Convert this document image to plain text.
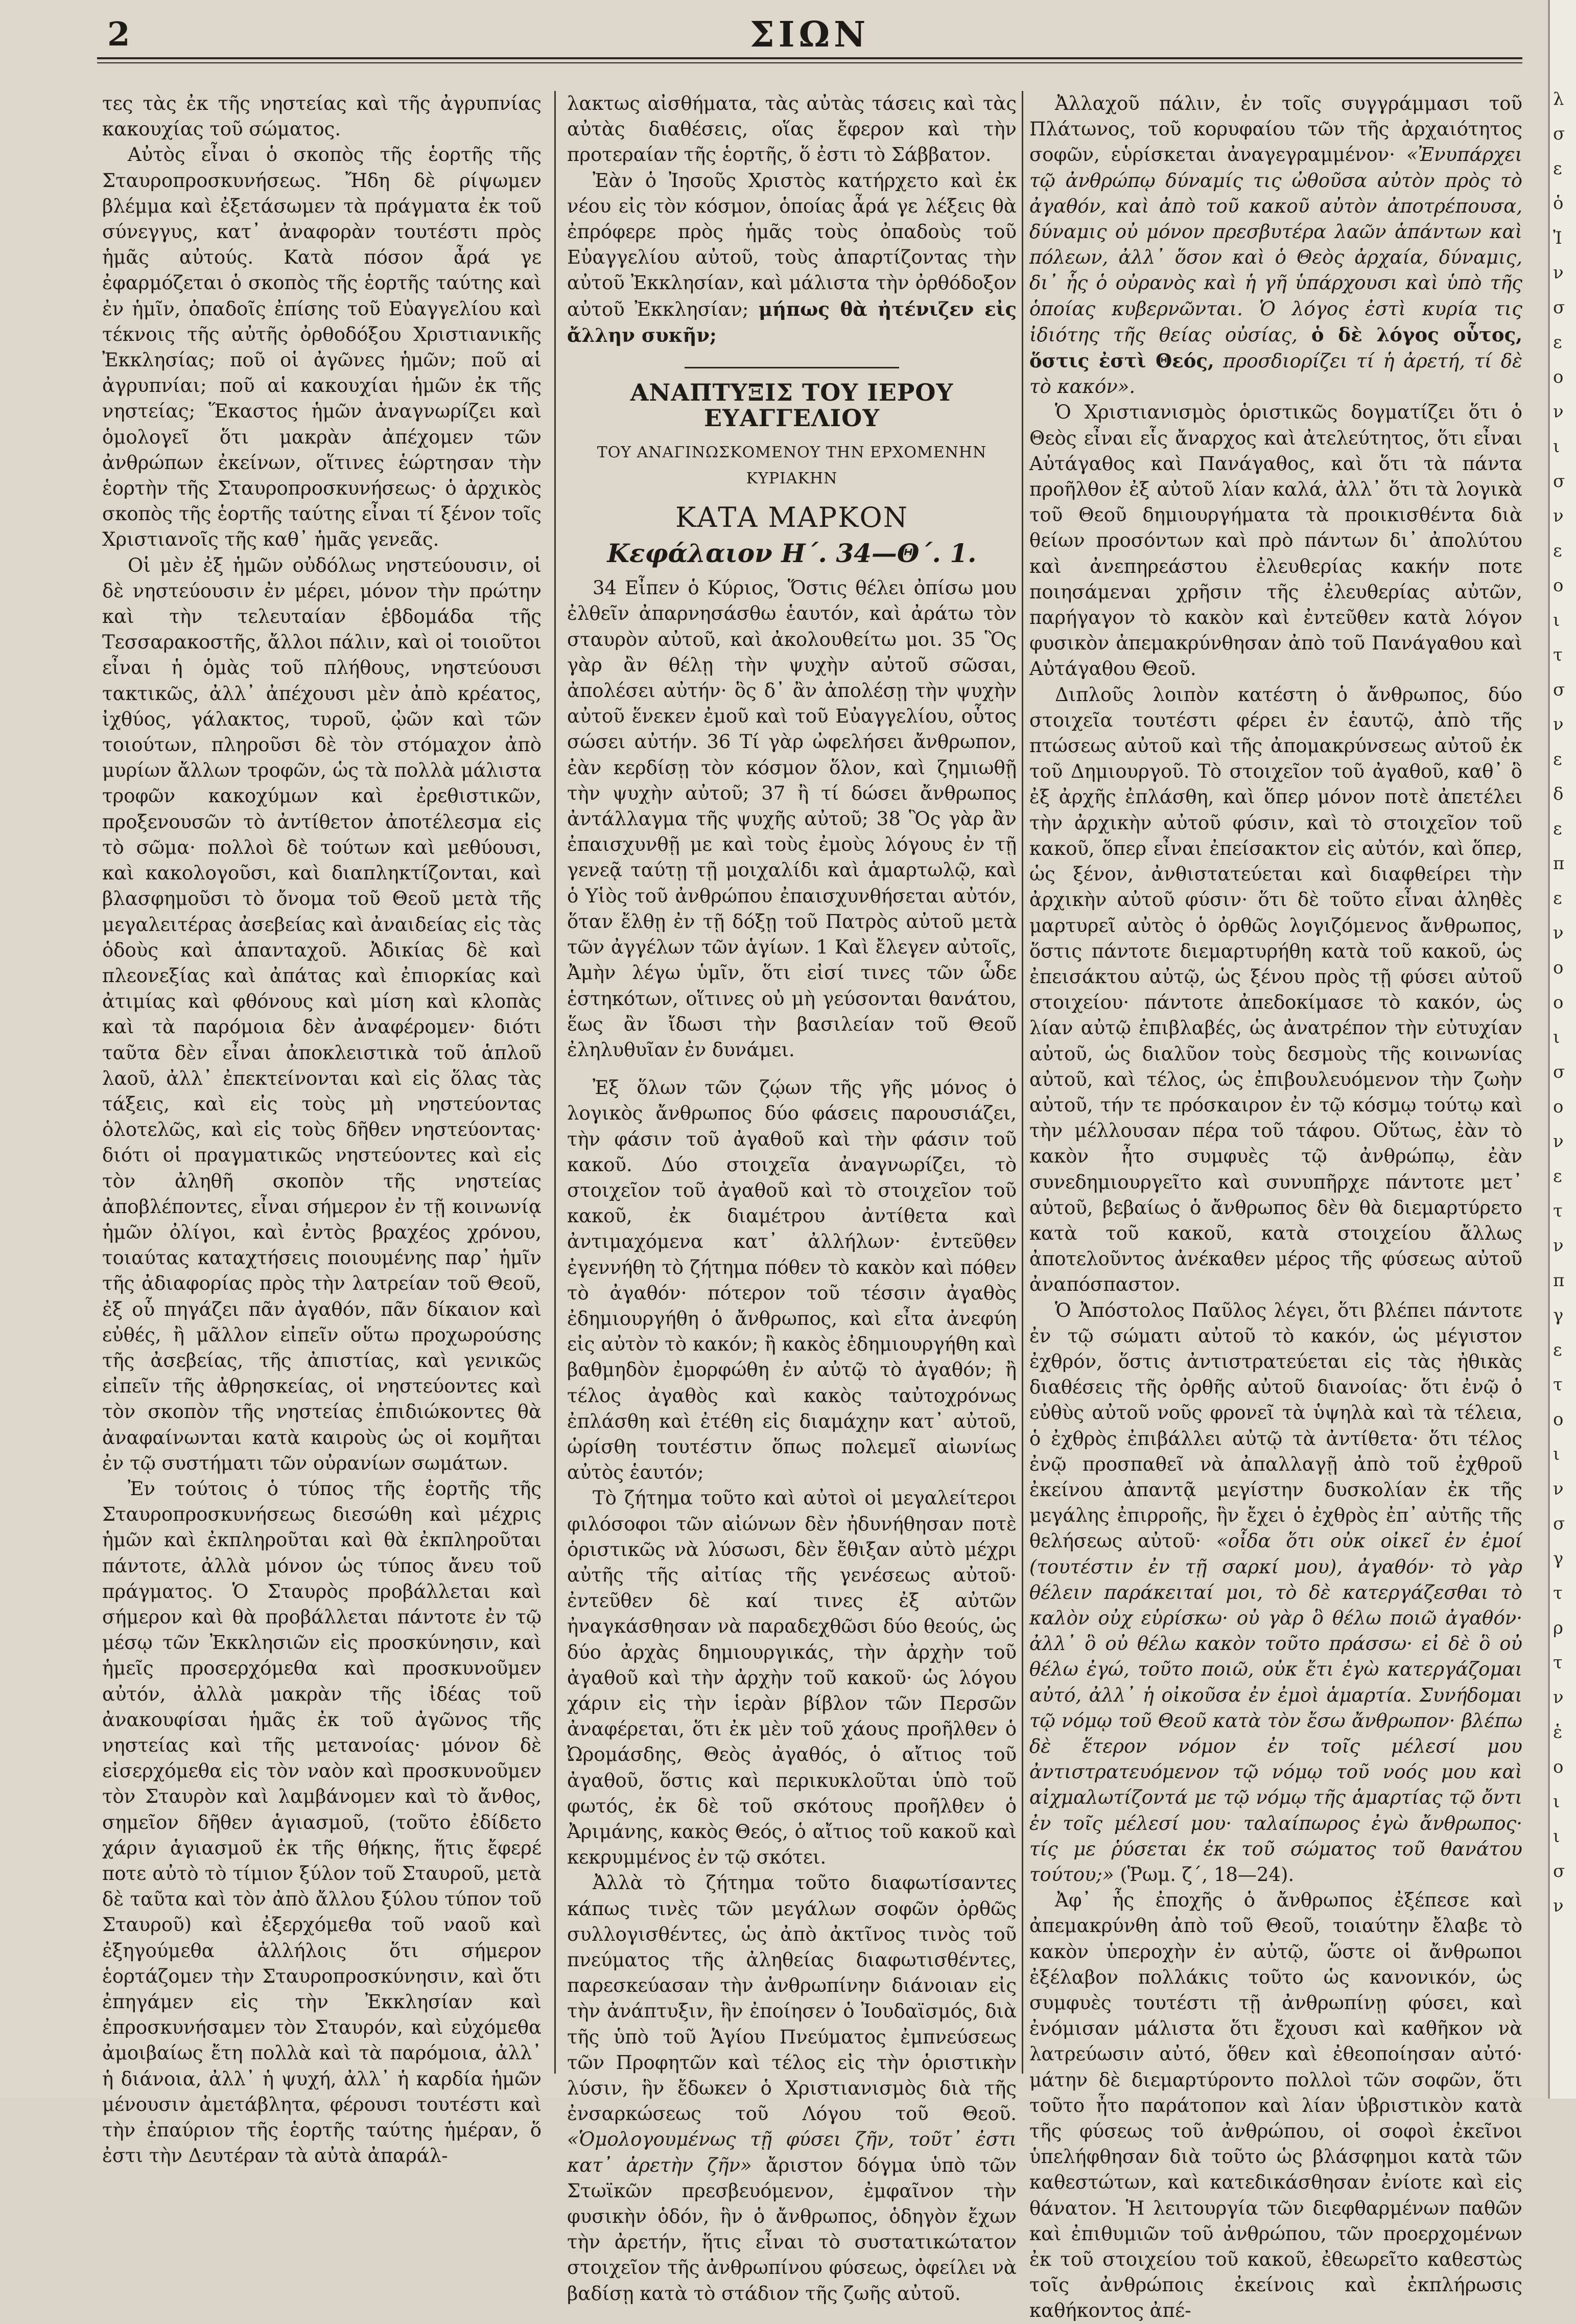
2	ΣΙΩΝ

τες τὰς ἐκ τῆς νηστείας καὶ τῆς ἀγρυπνίας κακουχίας τοῦ σώματος.

Αὐτὸς εἶναι ὁ σκοπὸς τῆς ἑορτῆς τῆς Σταυροπροσκυνήσεως. Ἤδη δὲ ρίψωμεν βλέμμα καὶ ἐξετάσωμεν τὰ πράγματα ἐκ τοῦ σύνεγγυς, κατ᾿ ἀναφορὰν τουτέστι πρὸς ἡμᾶς αὐτούς. Κατὰ πόσον ἆρά γε ἐφαρμόζεται ὁ σκοπὸς τῆς ἑορτῆς ταύτης καὶ ἐν ἡμῖν, ὀπαδοῖς ἐπίσης τοῦ Εὐαγγελίου καὶ τέκνοις τῆς αὐτῆς ὀρθοδόξου Χριστιανικῆς Ἐκκλησίας; ποῦ οἱ ἀγῶνες ἡμῶν; ποῦ αἱ ἀγρυπνίαι; ποῦ αἱ κακουχίαι ἡμῶν ἐκ τῆς νηστείας; Ἕκαστος ἡμῶν ἀναγνωρίζει καὶ ὁμολογεῖ ὅτι μακρὰν ἀπέχομεν τῶν ἀνθρώπων ἐκείνων, οἵτινες ἑώρτησαν τὴν ἑορτὴν τῆς Σταυροπροσκυνήσεως· ὁ ἀρχικὸς σκοπὸς τῆς ἑορτῆς ταύτης εἶναι τί ξένον τοῖς Χριστιανοῖς τῆς καθ᾿ ἡμᾶς γενεᾶς.

Οἱ μὲν ἐξ ἡμῶν οὐδόλως νηστεύουσιν, οἱ δὲ νηστεύουσιν ἐν μέρει, μόνον τὴν πρώτην καὶ τὴν τελευταίαν ἑβδομάδα τῆς Τεσσαρακοστῆς, ἄλλοι πάλιν, καὶ οἱ τοιοῦτοι εἶναι ἡ ὁμὰς τοῦ πλήθους, νηστεύουσι τακτικῶς, ἀλλ᾿ ἀπέχουσι μὲν ἀπὸ κρέατος, ἰχθύος, γάλακτος, τυροῦ, ᾠῶν καὶ τῶν τοιούτων, πληροῦσι δὲ τὸν στόμαχον ἀπὸ μυρίων ἄλλων τροφῶν, ὡς τὰ πολλὰ μάλιστα τροφῶν κακοχύμων καὶ ἐρεθιστικῶν, προξενουσῶν τὸ ἀντίθετον ἀποτέλεσμα εἰς τὸ σῶμα· πολλοὶ δὲ τούτων καὶ μεθύουσι, καὶ κακολογοῦσι, καὶ διαπληκτίζονται, καὶ βλασφημοῦσι τὸ ὄνομα τοῦ Θεοῦ μετὰ τῆς μεγαλειτέρας ἀσεβείας καὶ ἀναιδείας εἰς τὰς ὁδοὺς καὶ ἁπανταχοῦ. Ἀδικίας δὲ καὶ πλεονεξίας καὶ ἀπάτας καὶ ἐπιορκίας καὶ ἀτιμίας καὶ φθόνους καὶ μίση καὶ κλοπὰς καὶ τὰ παρόμοια δὲν ἀναφέρομεν· διότι ταῦτα δὲν εἶναι ἀποκλειστικὰ τοῦ ἁπλοῦ λαοῦ, ἀλλ᾿ ἐπεκτείνονται καὶ εἰς ὅλας τὰς τάξεις, καὶ εἰς τοὺς μὴ νηστεύοντας ὁλοτελῶς, καὶ εἰς τοὺς δῆθεν νηστεύοντας· διότι οἱ πραγματικῶς νηστεύοντες καὶ εἰς τὸν ἀληθῆ σκοπὸν τῆς νηστείας ἀποβλέποντες, εἶναι σήμερον ἐν τῇ κοινωνίᾳ ἡμῶν ὀλίγοι, καὶ ἐντὸς βραχέος χρόνου, τοιαύτας καταχτήσεις ποιουμένης παρ᾿ ἡμῖν τῆς ἀδιαφορίας πρὸς τὴν λατρείαν τοῦ Θεοῦ, ἐξ οὗ πηγάζει πᾶν ἀγαθόν, πᾶν δίκαιον καὶ εὐθές, ἢ μᾶλλον εἰπεῖν οὕτω προχωρούσης τῆς ἀσεβείας, τῆς ἀπιστίας, καὶ γενικῶς εἰπεῖν τῆς ἀθρησκείας, οἱ νηστεύοντες καὶ τὸν σκοπὸν τῆς νηστείας ἐπιδιώκοντες θὰ ἀναφαίνωνται κατὰ καιροὺς ὡς οἱ κομῆται ἐν τῷ συστήματι τῶν οὐρανίων σωμάτων.

Ἐν τούτοις ὁ τύπος τῆς ἑορτῆς τῆς Σταυροπροσκυνήσεως διεσώθη καὶ μέχρις ἡμῶν καὶ ἐκπληροῦται καὶ θὰ ἐκπληροῦται πάντοτε, ἀλλὰ μόνον ὡς τύπος ἄνευ τοῦ πράγματος. Ὁ Σταυρὸς προβάλλεται καὶ σήμερον καὶ θὰ προβάλλεται πάντοτε ἐν τῷ μέσῳ τῶν Ἐκκλησιῶν εἰς προσκύνησιν, καὶ ἡμεῖς προσερχόμεθα καὶ προσκυνοῦμεν αὐτόν, ἀλλὰ μακρὰν τῆς ἰδέας τοῦ ἀνακουφίσαι ἡμᾶς ἐκ τοῦ ἀγῶνος τῆς νηστείας καὶ τῆς μετανοίας· μόνον δὲ εἰσερχόμεθα εἰς τὸν ναὸν καὶ προσκυνοῦμεν τὸν Σταυρὸν καὶ λαμβάνομεν καὶ τὸ ἄνθος, σημεῖον δῆθεν ἁγιασμοῦ, (τοῦτο ἐδίδετο χάριν ἁγιασμοῦ ἐκ τῆς θήκης, ἥτις ἔφερέ ποτε αὐτὸ τὸ τίμιον ξύλον τοῦ Σταυροῦ, μετὰ δὲ ταῦτα καὶ τὸν ἀπὸ ἄλλου ξύλου τύπον τοῦ Σταυροῦ) καὶ ἐξερχόμεθα τοῦ ναοῦ καὶ ἐξηγούμεθα ἀλλήλοις ὅτι σήμερον ἑορτάζομεν τὴν Σταυροπροσκύνησιν, καὶ ὅτι ἐπηγάμεν εἰς τὴν Ἐκκλησίαν καὶ ἐπροσκυνήσαμεν τὸν Σταυρόν, καὶ εὐχόμεθα ἀμοιβαίως ἔτη πολλὰ καὶ τὰ παρόμοια, ἀλλ᾿ ἡ διάνοια, ἀλλ᾿ ἡ ψυχή, ἀλλ᾿ ἡ καρδία ἡμῶν μένουσιν ἀμετάβλητα, φέρουσι τουτέστι καὶ τὴν ἐπαύριον τῆς ἑορτῆς ταύτης ἡμέραν, ὅ ἐστι τὴν Δευτέραν τὰ αὐτὰ ἀπαράλ-

λακτως αἰσθήματα, τὰς αὐτὰς τάσεις καὶ τὰς αὐτὰς διαθέσεις, οἵας ἔφερον καὶ τὴν προτεραίαν τῆς ἑορτῆς, ὅ ἐστι τὸ Σάββατον.

Ἐὰν ὁ Ἰησοῦς Χριστὸς κατήρχετο καὶ ἐκ νέου εἰς τὸν κόσμον, ὁποίας ἆρά γε λέξεις θὰ ἐπρόφερε πρὸς ἡμᾶς τοὺς ὀπαδοὺς τοῦ Εὐαγγελίου αὐτοῦ, τοὺς ἀπαρτίζοντας τὴν αὐτοῦ Ἐκκλησίαν, καὶ μάλιστα τὴν ὀρθόδοξον αὐτοῦ Ἐκκλησίαν; μήπως θὰ ἠτένιζεν εἰς ἄλλην συκῆν;

ΑΝΑΠΤΥΞΙΣ ΤΟΥ ΙΕΡΟΥ ΕΥΑΓΓΕΛΙΟΥ
ΤΟΥ ΑΝΑΓΙΝΩΣΚΟΜΕΝΟΥ ΤΗΝ ΕΡΧΟΜΕΝΗΝ ΚΥΡΙΑΚΗΝ
ΚΑΤΑ ΜΑΡΚΟΝ
Κεφάλαιον Η΄. 34—Θ΄. 1.

34 Εἶπεν ὁ Κύριος, Ὅστις θέλει ὀπίσω μου ἐλθεῖν ἀπαρνησάσθω ἑαυτόν, καὶ ἀράτω τὸν σταυρὸν αὐτοῦ, καὶ ἀκολουθείτω μοι. 35 Ὃς γὰρ ἂν θέλῃ τὴν ψυχὴν αὐτοῦ σῶσαι, ἀπολέσει αὐτήν· ὃς δ᾿ ἂν ἀπολέσῃ τὴν ψυχὴν αὐτοῦ ἕνεκεν ἐμοῦ καὶ τοῦ Εὐαγγελίου, οὗτος σώσει αὐτήν. 36 Τί γὰρ ὠφελήσει ἄνθρωπον, ἐὰν κερδίσῃ τὸν κόσμον ὅλον, καὶ ζημιωθῇ τὴν ψυχὴν αὐτοῦ; 37 ἢ τί δώσει ἄνθρωπος ἀντάλλαγμα τῆς ψυχῆς αὐτοῦ; 38 Ὃς γὰρ ἂν ἐπαισχυνθῇ με καὶ τοὺς ἐμοὺς λόγους ἐν τῇ γενεᾷ ταύτῃ τῇ μοιχαλίδι καὶ ἁμαρτωλῷ, καὶ ὁ Υἱὸς τοῦ ἀνθρώπου ἐπαισχυνθήσεται αὐτόν, ὅταν ἔλθῃ ἐν τῇ δόξῃ τοῦ Πατρὸς αὐτοῦ μετὰ τῶν ἀγγέλων τῶν ἁγίων. 1 Καὶ ἔλεγεν αὐτοῖς, Ἀμὴν λέγω ὑμῖν, ὅτι εἰσί τινες τῶν ὧδε ἑστηκότων, οἵτινες οὐ μὴ γεύσονται θανάτου, ἕως ἂν ἴδωσι τὴν βασιλείαν τοῦ Θεοῦ ἐληλυθυῖαν ἐν δυνάμει.

Ἐξ ὅλων τῶν ζῴων τῆς γῆς μόνος ὁ λογικὸς ἄνθρωπος δύο φάσεις παρουσιάζει, τὴν φάσιν τοῦ ἀγαθοῦ καὶ τὴν φάσιν τοῦ κακοῦ. Δύο στοιχεῖα ἀναγνωρίζει, τὸ στοιχεῖον τοῦ ἀγαθοῦ καὶ τὸ στοιχεῖον τοῦ κακοῦ, ἐκ διαμέτρου ἀντίθετα καὶ ἀντιμαχόμενα κατ᾿ ἀλλήλων· ἐντεῦθεν ἐγεννήθη τὸ ζήτημα πόθεν τὸ κακὸν καὶ πόθεν τὸ ἀγαθόν· πότερον τοῦ τέσσιν ἀγαθὸς ἐδημιουργήθη ὁ ἄνθρωπος, καὶ εἶτα ἀνεφύη εἰς αὐτὸν τὸ κακόν; ἢ κακὸς ἐδημιουργήθη καὶ βαθμηδὸν ἐμορφώθη ἐν αὐτῷ τὸ ἀγαθόν; ἢ τέλος ἀγαθὸς καὶ κακὸς ταὐτοχρόνως ἐπλάσθη καὶ ἐτέθη εἰς διαμάχην κατ᾿ αὐτοῦ, ὡρίσθη τουτέστιν ὅπως πολεμεῖ αἰωνίως αὐτὸς ἑαυτόν;

Τὸ ζήτημα τοῦτο καὶ αὐτοὶ οἱ μεγαλείτεροι φιλόσοφοι τῶν αἰώνων δὲν ἠδυνήθησαν ποτὲ ὁριστικῶς νὰ λύσωσι, δὲν ἔθιξαν αὐτὸ μέχρι αὐτῆς τῆς αἰτίας τῆς γενέσεως αὐτοῦ· ἐντεῦθεν δὲ καί τινες ἐξ αὐτῶν ἠναγκάσθησαν νὰ παραδεχθῶσι δύο θεούς, ὡς δύο ἀρχὰς δημιουργικάς, τὴν ἀρχὴν τοῦ ἀγαθοῦ καὶ τὴν ἀρχὴν τοῦ κακοῦ· ὡς λόγου χάριν εἰς τὴν ἱερὰν βίβλον τῶν Περσῶν ἀναφέρεται, ὅτι ἐκ μὲν τοῦ χάους προῆλθεν ὁ Ὠρομάσδης, Θεὸς ἀγαθός, ὁ αἴτιος τοῦ ἀγαθοῦ, ὅστις καὶ περικυκλοῦται ὑπὸ τοῦ φωτός, ἐκ δὲ τοῦ σκότους προῆλθεν ὁ Ἀριμάνης, κακὸς Θεός, ὁ αἴτιος τοῦ κακοῦ καὶ κεκρυμμένος ἐν τῷ σκότει.

Ἀλλὰ τὸ ζήτημα τοῦτο διαφωτίσαντες κάπως τινὲς τῶν μεγάλων σοφῶν ὀρθῶς συλλογισθέντες, ὡς ἀπὸ ἀκτῖνος τινὸς τοῦ πνεύματος τῆς ἀληθείας διαφωτισθέντες, παρεσκεύασαν τὴν ἀνθρωπίνην διάνοιαν εἰς τὴν ἀνάπτυξιν, ἣν ἐποίησεν ὁ Ἰουδαϊσμός, διὰ τῆς ὑπὸ τοῦ Ἁγίου Πνεύματος ἐμπνεύσεως τῶν Προφητῶν καὶ τέλος εἰς τὴν ὁριστικὴν λύσιν, ἣν ἔδωκεν ὁ Χριστιανισμὸς διὰ τῆς ἐνσαρκώσεως τοῦ Λόγου τοῦ Θεοῦ. «Ὁμολογουμένως τῇ φύσει ζῆν, τοῦτ᾿ ἐστι κατ᾿ ἀρετὴν ζῆν» ἄριστον δόγμα ὑπὸ τῶν Στωϊκῶν πρεσβευόμενον, ἐμφαῖνον τὴν φυσικὴν ὁδόν, ἣν ὁ ἄνθρωπος, ὁδηγὸν ἔχων τὴν ἀρετήν, ἥτις εἶναι τὸ συστατικώτατον στοιχεῖον τῆς ἀνθρωπίνου φύσεως, ὀφείλει νὰ βαδίσῃ κατὰ τὸ στάδιον τῆς ζωῆς αὐτοῦ.

Ἀλλαχοῦ πάλιν, ἐν τοῖς συγγράμμασι τοῦ Πλάτωνος, τοῦ κορυφαίου τῶν τῆς ἀρχαιότητος σοφῶν, εὑρίσκεται ἀναγεγραμμένον· «Ἐνυπάρχει τῷ ἀνθρώπῳ δύναμίς τις ὠθοῦσα αὐτὸν πρὸς τὸ ἀγαθόν, καὶ ἀπὸ τοῦ κακοῦ αὐτὸν ἀποτρέπουσα, δύναμις οὐ μόνον πρεσβυτέρα λαῶν ἁπάντων καὶ πόλεων, ἀλλ᾿ ὅσον καὶ ὁ Θεὸς ἀρχαία, δύναμις, δι᾿ ἧς ὁ οὐρανὸς καὶ ἡ γῆ ὑπάρχουσι καὶ ὑπὸ τῆς ὁποίας κυβερνῶνται. Ὁ λόγος ἐστὶ κυρία τις ἰδιότης τῆς θείας οὐσίας, ὁ δὲ λόγος οὗτος, ὅστις ἐστὶ Θεός, προσδιορίζει τί ἡ ἀρετή, τί δὲ τὸ κακόν».

Ὁ Χριστιανισμὸς ὁριστικῶς δογματίζει ὅτι ὁ Θεὸς εἶναι εἷς ἄναρχος καὶ ἀτελεύτητος, ὅτι εἶναι Αὐτάγαθος καὶ Πανάγαθος, καὶ ὅτι τὰ πάντα προῆλθον ἐξ αὐτοῦ λίαν καλά, ἀλλ᾿ ὅτι τὰ λογικὰ τοῦ Θεοῦ δημιουργήματα τὰ προικισθέντα διὰ θείων προσόντων καὶ πρὸ πάντων δι᾿ ἀπολύτου καὶ ἀνεπηρεάστου ἐλευθερίας κακήν ποτε ποιησάμεναι χρῆσιν τῆς ἐλευθερίας αὐτῶν, παρήγαγον τὸ κακὸν καὶ ἐντεῦθεν κατὰ λόγον φυσικὸν ἀπεμακρύνθησαν ἀπὸ τοῦ Πανάγαθου καὶ Αὐτάγαθου Θεοῦ.

Διπλοῦς λοιπὸν κατέστη ὁ ἄνθρωπος, δύο στοιχεῖα τουτέστι φέρει ἐν ἑαυτῷ, ἀπὸ τῆς πτώσεως αὐτοῦ καὶ τῆς ἀπομακρύνσεως αὐτοῦ ἐκ τοῦ Δημιουργοῦ. Τὸ στοιχεῖον τοῦ ἀγαθοῦ, καθ᾿ ὃ ἐξ ἀρχῆς ἐπλάσθη, καὶ ὅπερ μόνον ποτὲ ἀπετέλει τὴν ἀρχικὴν αὐτοῦ φύσιν, καὶ τὸ στοιχεῖον τοῦ κακοῦ, ὅπερ εἶναι ἐπείσακτον εἰς αὐτόν, καὶ ὅπερ, ὡς ξένον, ἀνθιστατεύεται καὶ διαφθείρει τὴν ἀρχικὴν αὐτοῦ φύσιν· ὅτι δὲ τοῦτο εἶναι ἀληθὲς μαρτυρεῖ αὐτὸς ὁ ὀρθῶς λογιζόμενος ἄνθρωπος, ὅστις πάντοτε διεμαρτυρήθη κατὰ τοῦ κακοῦ, ὡς ἐπεισάκτου αὐτῷ, ὡς ξένου πρὸς τῇ φύσει αὐτοῦ στοιχείου· πάντοτε ἀπεδοκίμασε τὸ κακόν, ὡς λίαν αὐτῷ ἐπιβλαβές, ὡς ἀνατρέπον τὴν εὐτυχίαν αὐτοῦ, ὡς διαλῦον τοὺς δεσμοὺς τῆς κοινωνίας αὐτοῦ, καὶ τέλος, ὡς ἐπιβουλευόμενον τὴν ζωὴν αὐτοῦ, τήν τε πρόσκαιρον ἐν τῷ κόσμῳ τούτῳ καὶ τὴν μέλλουσαν πέρα τοῦ τάφου. Οὕτως, ἐὰν τὸ κακὸν ἦτο συμφυὲς τῷ ἀνθρώπῳ, ἐὰν συνεδημιουργεῖτο καὶ συνυπῆρχε πάντοτε μετ᾿ αὐτοῦ, βεβαίως ὁ ἄνθρωπος δὲν θὰ διεμαρτύρετο κατὰ τοῦ κακοῦ, κατὰ στοιχείου ἄλλως ἀποτελοῦντος ἀνέκαθεν μέρος τῆς φύσεως αὐτοῦ ἀναπόσπαστον.

Ὁ Ἀπόστολος Παῦλος λέγει, ὅτι βλέπει πάντοτε ἐν τῷ σώματι αὐτοῦ τὸ κακόν, ὡς μέγιστον ἐχθρόν, ὅστις ἀντιστρατεύεται εἰς τὰς ἠθικὰς διαθέσεις τῆς ὀρθῆς αὐτοῦ διανοίας· ὅτι ἐνῷ ὁ εὐθὺς αὐτοῦ νοῦς φρονεῖ τὰ ὑψηλὰ καὶ τὰ τέλεια, ὁ ἐχθρὸς ἐπιβάλλει αὐτῷ τὰ ἀντίθετα· ὅτι τέλος ἐνῷ προσπαθεῖ νὰ ἀπαλλαγῇ ἀπὸ τοῦ ἐχθροῦ ἐκείνου ἀπαντᾷ μεγίστην δυσκολίαν ἐκ τῆς μεγάλης ἐπιρροῆς, ἣν ἔχει ὁ ἐχθρὸς ἐπ᾿ αὐτῆς τῆς θελήσεως αὐτοῦ· «οἶδα ὅτι οὐκ οἰκεῖ ἐν ἐμοί (τουτέστιν ἐν τῇ σαρκί μου), ἀγαθόν· τὸ γὰρ θέλειν παράκειταί μοι, τὸ δὲ κατεργάζεσθαι τὸ καλὸν οὐχ εὑρίσκω· οὐ γὰρ ὃ θέλω ποιῶ ἀγαθόν· ἀλλ᾿ ὃ οὐ θέλω κακὸν τοῦτο πράσσω· εἰ δὲ ὃ οὐ θέλω ἐγώ, τοῦτο ποιῶ, οὐκ ἔτι ἐγὼ κατεργάζομαι αὐτό, ἀλλ᾿ ἡ οἰκοῦσα ἐν ἐμοὶ ἁμαρτία. Συνήδομαι τῷ νόμῳ τοῦ Θεοῦ κατὰ τὸν ἔσω ἄνθρωπον· βλέπω δὲ ἕτερον νόμον ἐν τοῖς μέλεσί μου ἀντιστρατευόμενον τῷ νόμῳ τοῦ νοός μου καὶ αἰχμαλωτίζοντά με τῷ νόμῳ τῆς ἁμαρτίας τῷ ὄντι ἐν τοῖς μέλεσί μου· ταλαίπωρος ἐγὼ ἄνθρωπος· τίς με ῥύσεται ἐκ τοῦ σώματος τοῦ θανάτου τούτου;» (Ῥωμ. ζ΄, 18—24).

Ἀφ᾿ ἧς ἐποχῆς ὁ ἄνθρωπος ἐξέπεσε καὶ ἀπεμακρύνθη ἀπὸ τοῦ Θεοῦ, τοιαύτην ἔλαβε τὸ κακὸν ὑπεροχὴν ἐν αὐτῷ, ὥστε οἱ ἄνθρωποι ἐξέλαβον πολλάκις τοῦτο ὡς κανονικόν, ὡς συμφυὲς τουτέστι τῇ ἀνθρωπίνῃ φύσει, καὶ ἐνόμισαν μάλιστα ὅτι ἔχουσι καὶ καθῆκον νὰ λατρεύωσιν αὐτό, ὅθεν καὶ ἐθεοποίησαν αὐτό· μάτην δὲ διεμαρτύροντο πολλοὶ τῶν σοφῶν, ὅτι τοῦτο ἦτο παράτοπον καὶ λίαν ὑβριστικὸν κατὰ τῆς φύσεως τοῦ ἀνθρώπου, οἱ σοφοὶ ἐκεῖνοι ὑπελήφθησαν διὰ τοῦτο ὡς βλάσφημοι κατὰ τῶν καθεστώτων, καὶ κατεδικάσθησαν ἐνίοτε καὶ εἰς θάνατον. Ἡ λειτουργία τῶν διεφθαρμένων παθῶν καὶ ἐπιθυμιῶν τοῦ ἀνθρώπου, τῶν προερχομένων ἐκ τοῦ στοιχείου τοῦ κακοῦ, ἐθεωρεῖτο καθεστὼς τοῖς ἀνθρώποις ἐκείνοις καὶ ἐκπλήρωσις καθήκοντος ἀπέ-

λ
σ
ε
ὁ
Ἰ
ν
σ
ε
ο
ν
ι
σ
ν
ε
ο
ι
τ
σ
ν
ε
δ
ε
π
ε
ν
ο
ο
ι
σ
ο
ν
ε
τ
ν
π
γ
ε
τ
ο
ι
ν
σ
γ
τ
ρ
τ
ν
ἑ
ο
ι
ι
σ
ν
